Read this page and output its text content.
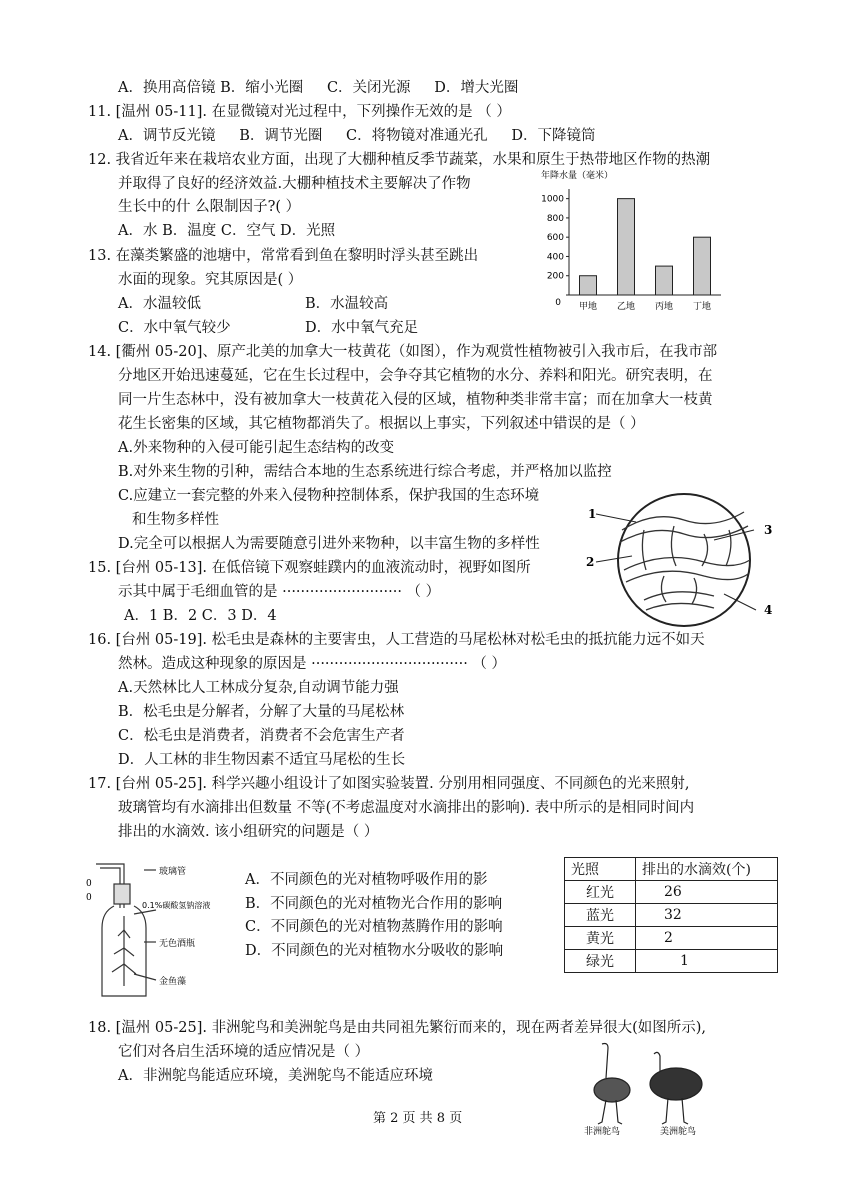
A．换用高倍镜 B．缩小光圈 　 C．关闭光源 　 D．增大光圈
11. [温州 05-11]. 在显微镜对光过程中，下列操作无效的是 （ ）
A．调节反光镜 　 B．调节光圈 　 C．将物镜对准通光孔 　 D．下降镜筒
12. 我省近年来在栽培农业方面，出现了大棚种植反季节蔬菜，水果和原生于热带地区作物的热潮
并取得了良好的经济效益.大棚种植技术主要解决了作物
生长中的什 么限制因子?( ）
A．水 B．温度 C．空气 D．光照
13. 在藻类繁盛的池塘中，常常看到鱼在黎明时浮头甚至跳出
水面的现象。究其原因是( ）
A．水温较低	B．水温较高
C．水中氧气较少	D．水中氧气充足
年降水量（毫米）
0
200
400
600
800
1000
甲地 乙地 丙地 丁地
14. [衢州 05-20]、原产北美的加拿大一枝黄花（如图），作为观赏性植物被引入我市后，在我市部
分地区开始迅速蔓延，它在生长过程中，会争夺其它植物的水分、养料和阳光。研究表明，在
同一片生态林中，没有被加拿大一枝黄花入侵的区域，植物种类非常丰富；而在加拿大一枝黄
花生长密集的区域，其它植物都消失了。根据以上事实，下列叙述中错误的是（ ）
A.外来物种的入侵可能引起生态结构的改变
B.对外来生物的引种，需结合本地的生态系统进行综合考虑，并严格加以监控
C.应建立一套完整的外来入侵物种控制体系，保护我国的生态环境
和生物多样性
D.完全可以根据人为需要随意引进外来物种，以丰富生物的多样性
1
2
3
4
15. [台州 05-13]. 在低倍镜下观察蛙蹼内的血液流动时，视野如图所
示其中属于毛细血管的是 ·························· （ ）
A．1 B．2 C．3 D．4
16. [台州 05-19]. 松毛虫是森林的主要害虫，人工营造的马尾松林对松毛虫的抵抗能力远不如天
然林。造成这种现象的原因是 ·································· （ ）
A.天然林比人工林成分复杂,自动调节能力强
B．松毛虫是分解者，分解了大量的马尾松林
C．松毛虫是消费者，消费者不会危害生产者
D．人工林的非生物因素不适宜马尾松的生长
17. [台州 05-25]. 科学兴趣小组设计了如图实验装置. 分别用相同强度、不同颜色的光来照射,
玻璃管均有水滴排出但数量 不等(不考虑温度对水滴排出的影响). 表中所示的是相同时间内
排出的水滴效. 该小组研究的问题是（ ）
0
0
玻璃管
0.1%碳酸氢钠溶液
无色酒瓶
金鱼藻
A．不同颜色的光对植物呼吸作用的影
B．不同颜色的光对植物光合作用的影响
C．不同颜色的光对植物蒸腾作用的影响
D．不同颜色的光对植物水分吸收的影响
光照	排出的水滴效(个)
红光	26
蓝光	32
黄光	2
绿光	1
18. [温州 05-25]. 非洲鸵鸟和美洲鸵鸟是由共同祖先繁衍而来的，现在两者差异很大(如图所示),
它们对各启生活环境的适应情况是（ ）
A．非洲鸵鸟能适应环境，美洲鸵鸟不能适应环境
非洲鸵鸟	美洲鸵鸟
第 2 页 共 8 页
